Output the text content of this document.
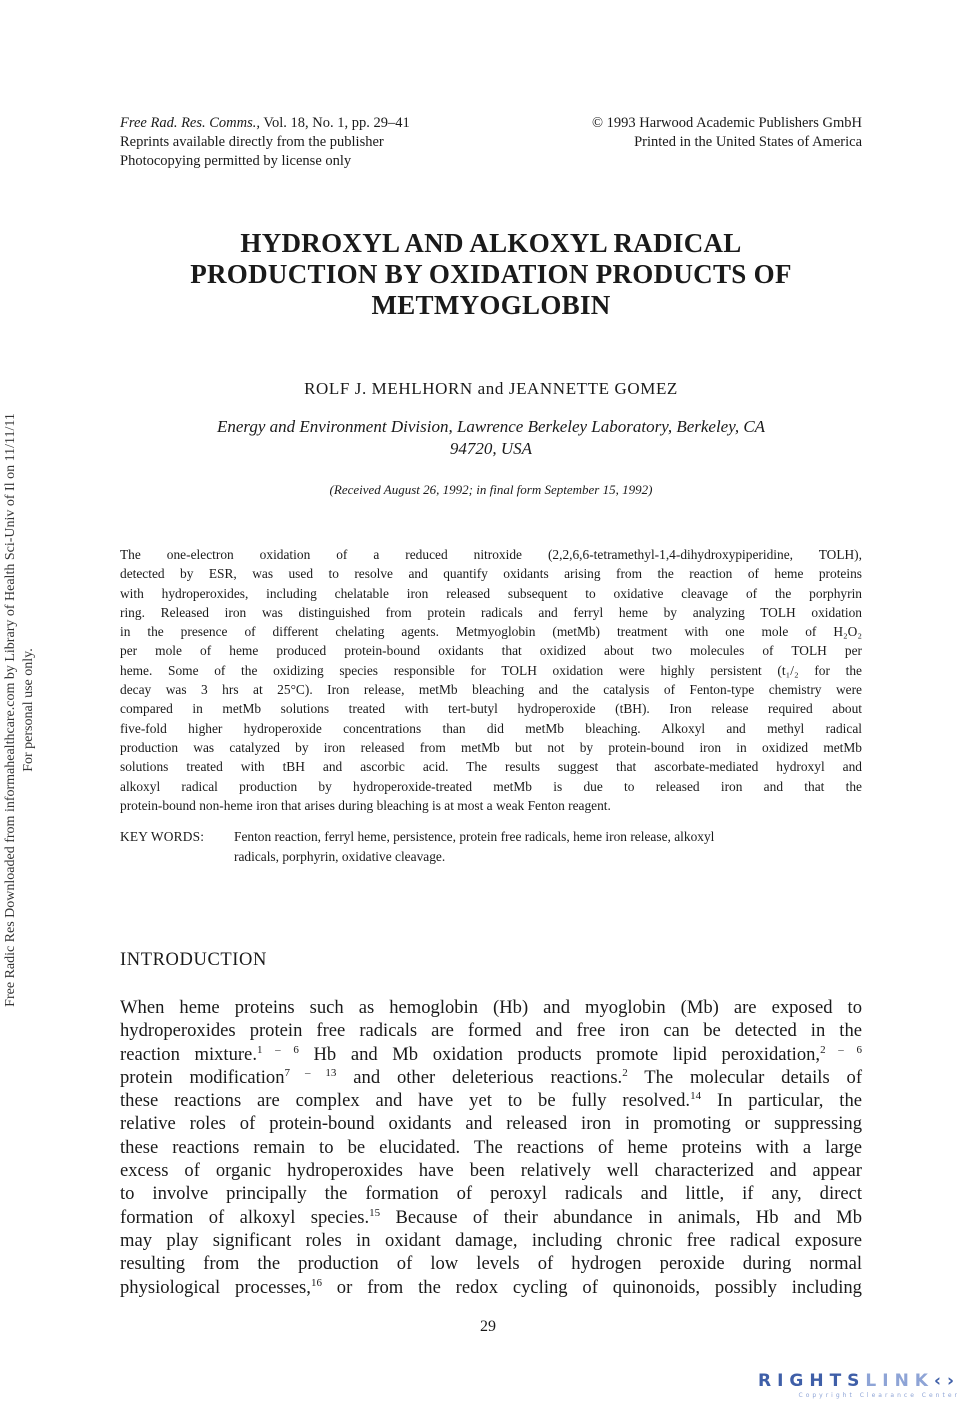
Free Rad. Res. Comms., Vol. 18, No. 1, pp. 29–41
Reprints available directly from the publisher
Photocopying permitted by license only
© 1993 Harwood Academic Publishers GmbH
Printed in the United States of America
HYDROXYL AND ALKOXYL RADICAL
PRODUCTION BY OXIDATION PRODUCTS OF
METMYOGLOBIN
ROLF J. MEHLHORN and JEANNETTE GOMEZ
Energy and Environment Division, Lawrence Berkeley Laboratory, Berkeley, CA
94720, USA
(Received August 26, 1992; in final form September 15, 1992)
The one-electron oxidation of a reduced nitroxide (2,2,6,6-tetramethyl-1,4-dihydroxypiperidine, TOLH),
detected by ESR, was used to resolve and quantify oxidants arising from the reaction of heme proteins
with hydroperoxides, including chelatable iron released subsequent to oxidative cleavage of the porphyrin
ring. Released iron was distinguished from protein radicals and ferryl heme by analyzing TOLH oxidation
in the presence of different chelating agents. Metmyoglobin (metMb) treatment with one mole of H₂O₂
per mole of heme produced protein-bound oxidants that oxidized about two molecules of TOLH per
heme. Some of the oxidizing species responsible for TOLH oxidation were highly persistent (t₁/₂ for the
decay was 3 hrs at 25°C). Iron release, metMb bleaching and the catalysis of Fenton-type chemistry were
compared in metMb solutions treated with tert-butyl hydroperoxide (tBH). Iron release required about
five-fold higher hydroperoxide concentrations than did metMb bleaching. Alkoxyl and methyl radical
production was catalyzed by iron released from metMb but not by protein-bound iron in oxidized metMb
solutions treated with tBH and ascorbic acid. The results suggest that ascorbate-mediated hydroxyl and
alkoxyl radical production by hydroperoxide-treated metMb is due to released iron and that the
protein-bound non-heme iron that arises during bleaching is at most a weak Fenton reagent.
KEY WORDS:	Fenton reaction, ferryl heme, persistence, protein free radicals, heme iron release, alkoxyl
radicals, porphyrin, oxidative cleavage.
INTRODUCTION
When heme proteins such as hemoglobin (Hb) and myoglobin (Mb) are exposed to
hydroperoxides protein free radicals are formed and free iron can be detected in the
reaction mixture.$^{1 - 6}$ Hb and Mb oxidation products promote lipid peroxidation,$^{2 - 6}$
protein modification$^{7 - 13}$ and other deleterious reactions.$^2$ The molecular details of
these reactions are complex and have yet to be fully resolved.$^{14}$ In particular, the
relative roles of protein-bound oxidants and released iron in promoting or suppressing
these reactions remain to be elucidated. The reactions of heme proteins with a large
excess of organic hydroperoxides have been relatively well characterized and appear
to involve principally the formation of peroxyl radicals and little, if any, direct
formation of alkoxyl species.$^{15}$ Because of their abundance in animals, Hb and Mb
may play significant roles in oxidant damage, including chronic free radical exposure
resulting from the production of low levels of hydrogen peroxide during normal
physiological processes,$^{16}$ or from the redox cycling of quinonoids, possibly including
29
Free Radic Res Downloaded from informahealthcare.com by Library of Health Sci-Univ of Il on 11/11/11 For personal use only.
RIGHTSLINK‹›
Copyright Clearance Center
